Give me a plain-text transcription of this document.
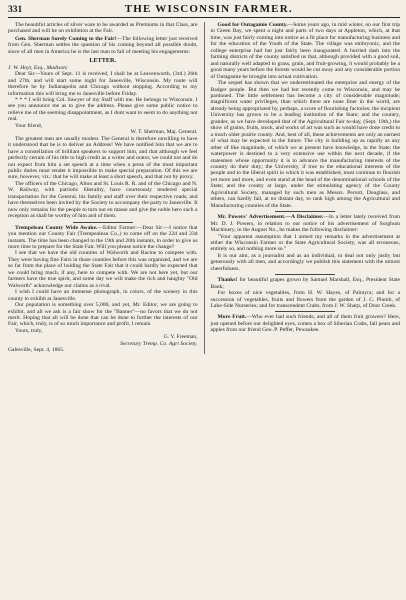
331	THE WISCONSIN FARMER.

The beautiful articles of silver ware to be awarded as Premiums in that Class, are purchased and will be on exhibition at the Fair.

Gen. Sherman Surely Coming to the Fair!—The following letter just received from Gen. Sherman settles the question of his coming beyond all possible doubt, since of all men in America he is the last man to fail of meeting his engagements:

LETTER.

J. W. Hoyt, Esq., Madison;

Dear Sir—Yours of Sept. 11 is received, I shall be at Leavenworth, (3rd.) 26th and 27th, and will start some night for Janesville, Wisconsin. My route will therefore be by Indianapolis and Chicago without stopping. According to my information this will bring me to Janesville before Friday.

* * * I will bring Col. Sawyer of my Staff with me. He belongs to Wisconsin. I see you announce me as to give the address. Please give some public notice to relieve me of the seeming disappointment, as I dont want to seem to do anything not real.

Your friend,

W. T. Sherman, Maj. General.

The greatest men are usually modest. The General is therefore unwilling to have it understood that he is to deliver an Address! We have notified him that we are to have a constellation of brilliant speakers to support him, and that although we feel perfectly certain of his title to high credit as a writer and orator, we could not and do not expect from him a set speech at a time when a press of the most important public duties must render it impossible to make special preparation. Of this we are sure, however, viz.: that he will make at least a short speech, and that not by proxy.

The officers of the Chicago, Alton and St. Louis R. R. and of the Chicago and N. W. Railway, with patriotic liberality, have courteously tendered special transportation for the General, his family and staff over their respective roads, and have themselves been invited by the Society to accompany the party to Janesville. It now only remains for the people to turn out en masse and give the noble hero such a reception as shall be worthy of him and of them.

Trempeleau County Wide Awake.—Editor Farmer:—Dear Sir:—I notice that you mention our County Fair (Trempealeau Co.,) to come off on the 22d and 23d instants. The time has been changed to the 19th and 20th instants, in order to give us more time to prepare for the State Fair. Will you please notice the change?

I see that we have the old counties of Walworth and Racine to compete with. They were having fine Fairs in those counties before this was organized, and we are so far from the place of holding the State Fair that it could hardly be expected that we could bring much, if any, here to compete with. We are not here yet, but our farmers have the true spirit, and some day we will make the rich and haughty "Old Walworth" acknowledge our claims as a rival.

I wish I could have an immense photograph, in colors, of the scenery in this county to exhibit at Janesville.

Our population is something over 5,000, and yet, Mr. Editor, we are going to exhibit, and all we ask is a fair show for the "Banner"—no favors that we do not merit. Hoping that all will be done that can be done to further the interests of our Fair, which, truly, is of so much importance and profit, I remain

Yours, truly,

G. Y. Freeman,

Secretary Tremp. Co. Agri Society.

Galesville, Sept. 4, 1865.

Good for Outagamie County.—Some years ago, in mid winter, on our first trip to Green Bay, we spent a night and parts of two days at Appleton, which, at that time, was just fairly coming into notice as a fit place for manufacturing business and for the education of the Youth of the State. The village was embryonic, and the college enterprise had but just fairly been inaugurated. A hurried dash into the farming districts of the county satisfied us that, although provided with a good soil, and naturally well adapted to grass, grain, and fruit-growing, it would probably be a good many years before the forests would be cut away and any considerable portion of Outagamie be brought into actual cultivation.

The sequel has shown that we underestimated the enterprise and energy of the Badger people. But then we had but recently come to Wisconsin, and may be pardoned. The little settlement has become a city of considerable magnitude; magnificent water privileges, than which there are none finer in the world, are already being appropriated by, perhaps, a score of flourishing factories; the incipient University has grown to be a leading institution of the State; and the country, grander, as we have developed that of the Agricultural Fair to-day, (Sept. 19th,) the show of grains, fruits, stock, and works of art was such as would have done credit to a much older prairie county. And, best of all, these achievements are only an earnest of what may be expected in the future. The city is building up as rapidly as any other of like magnitude, of which we at present have knowledge, in the State; the waterpower is destined to a very extensive use within the next decade, if the statesmen whose opportunity it is to advance the manufacturing interests of the country do their duty; the University, if true to the educational interests of the people and to the liberal spirit in which it was established, must continue to flourish yet more and more, and even stand at the head of the denominational schools of the State; and the county at large, under the stimulating agency of the County Agricultural Society, managed by such men as Messrs. Perrott, Douglass, and others, can hardly fail, at no distant day, to rank high among the Agricultural and Manufacturing counties of the State.

Mr. Powers' Advertisement.—A Disclaimer.—In a letter lately received from Mr. D. J. Powers, in relation to our notice of his advertisement of Sorghum Machinery, in the August No., he makes the following disclaimer:

"Your apparent assumption that I aimed my remarks in the advertisement at either the Wisconsin Farmer or the State Agricultural Society, was all erroneous, entirely so, and nothing more so."

It is our aim, as a journalist and as an individual, to deal not only justly but generously with all men, and accordingly we publish this statement with the utmost cheerfulness.

Thanks! for beautiful grapes grown by Samuel Marshall, Esq., President State Bank;

For boxes of nice vegetables, from H. W. Hayes, of Palmyra; and for a succession of vegetables, fruits and flowers from the garden of J. C. Plumb, of Lake-Side Nurseries; and for transcendent Crabs, from J. W. Sharp, of Door Creek.

More Fruit.—Who ever had such friends, and all of them fruit growers? Here, just opened before our delighted eyes, comes a box of Siberian Crabs, fall pears and apples from our friend Geo. P. Peffer, Pewaukee.
